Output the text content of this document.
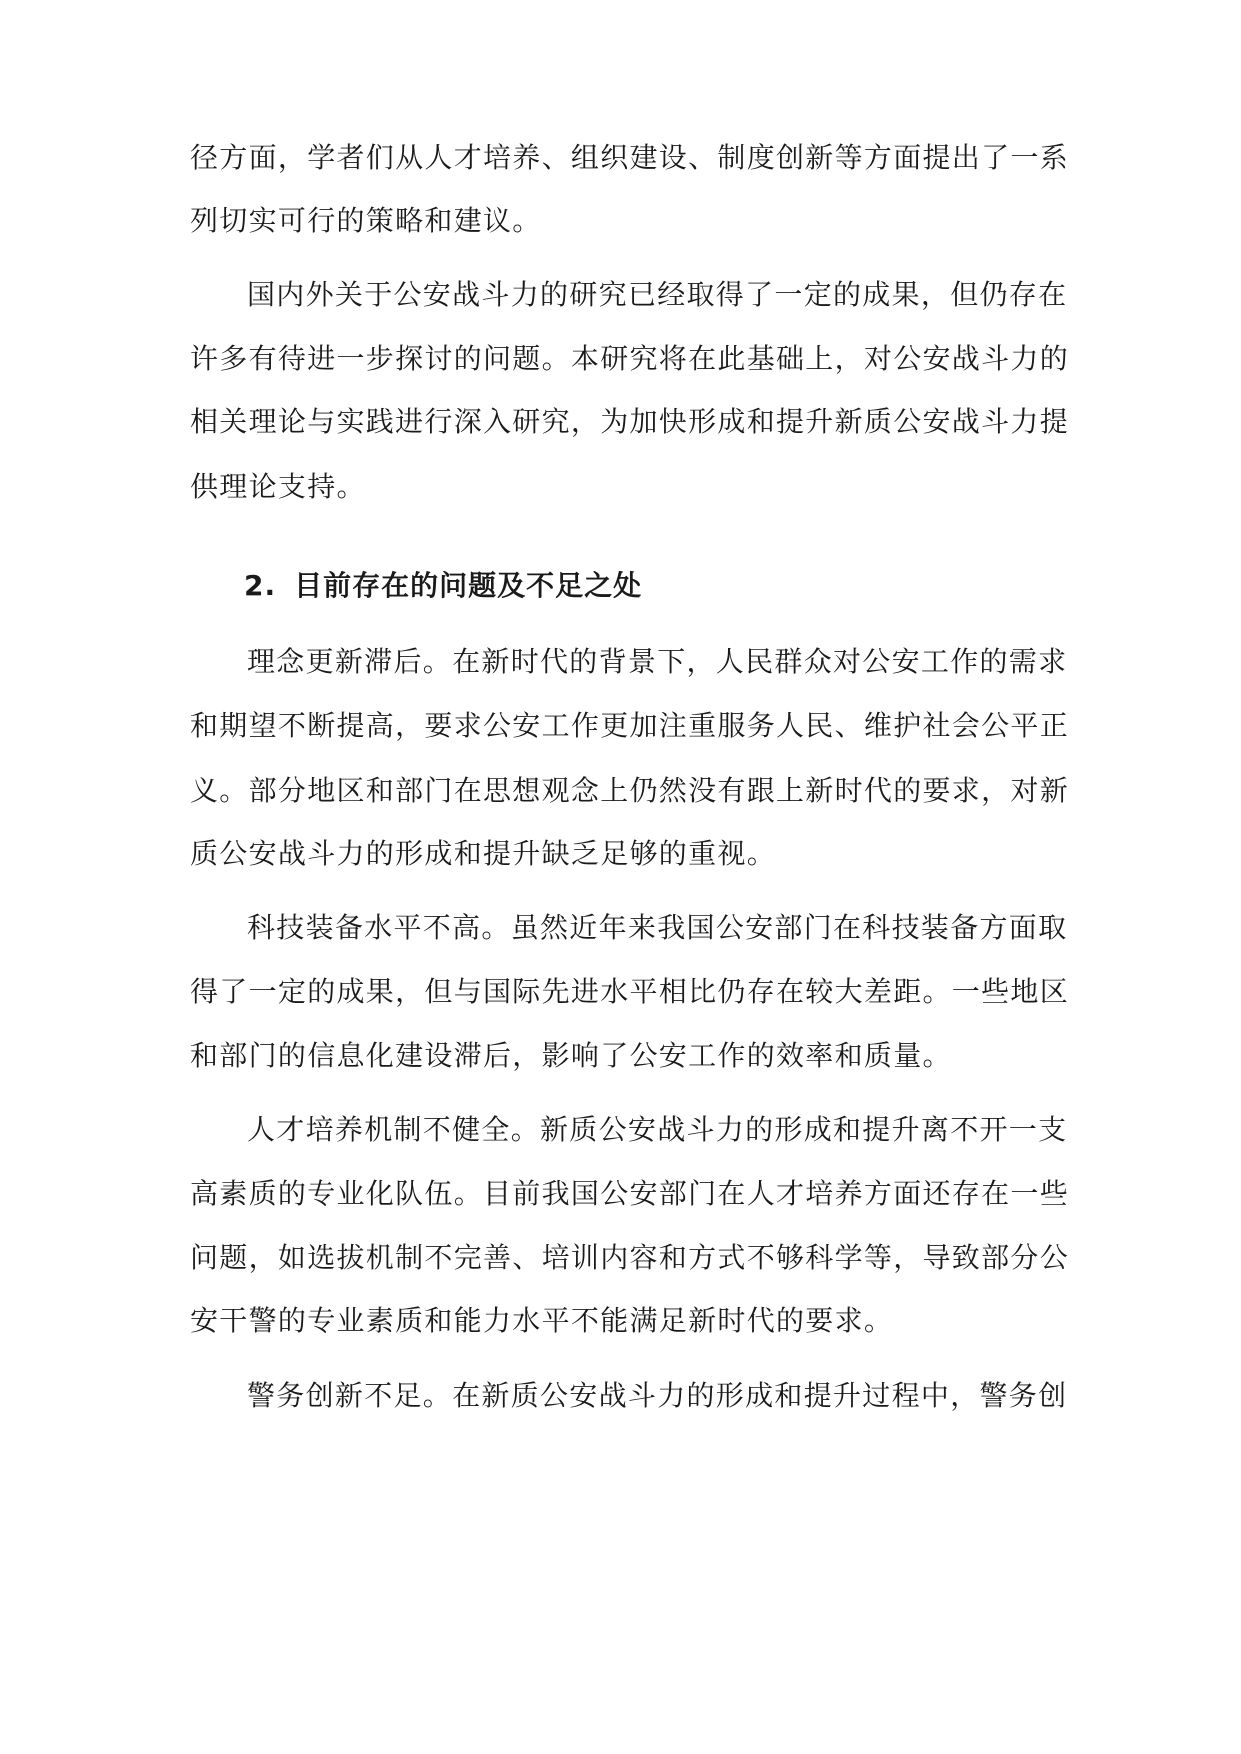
径方面，学者们从人才培养、组织建设、制度创新等方面提出了一系
列切实可行的策略和建议。
国内外关于公安战斗力的研究已经取得了一定的成果，但仍存在
许多有待进一步探讨的问题。本研究将在此基础上，对公安战斗力的
相关理论与实践进行深入研究，为加快形成和提升新质公安战斗力提
供理论支持。
2. 目前存在的问题及不足之处
理念更新滞后。在新时代的背景下，人民群众对公安工作的需求
和期望不断提高，要求公安工作更加注重服务人民、维护社会公平正
义。部分地区和部门在思想观念上仍然没有跟上新时代的要求，对新
质公安战斗力的形成和提升缺乏足够的重视。
科技装备水平不高。虽然近年来我国公安部门在科技装备方面取
得了一定的成果，但与国际先进水平相比仍存在较大差距。一些地区
和部门的信息化建设滞后，影响了公安工作的效率和质量。
人才培养机制不健全。新质公安战斗力的形成和提升离不开一支
高素质的专业化队伍。目前我国公安部门在人才培养方面还存在一些
问题，如选拔机制不完善、培训内容和方式不够科学等，导致部分公
安干警的专业素质和能力水平不能满足新时代的要求。
警务创新不足。在新质公安战斗力的形成和提升过程中，警务创
